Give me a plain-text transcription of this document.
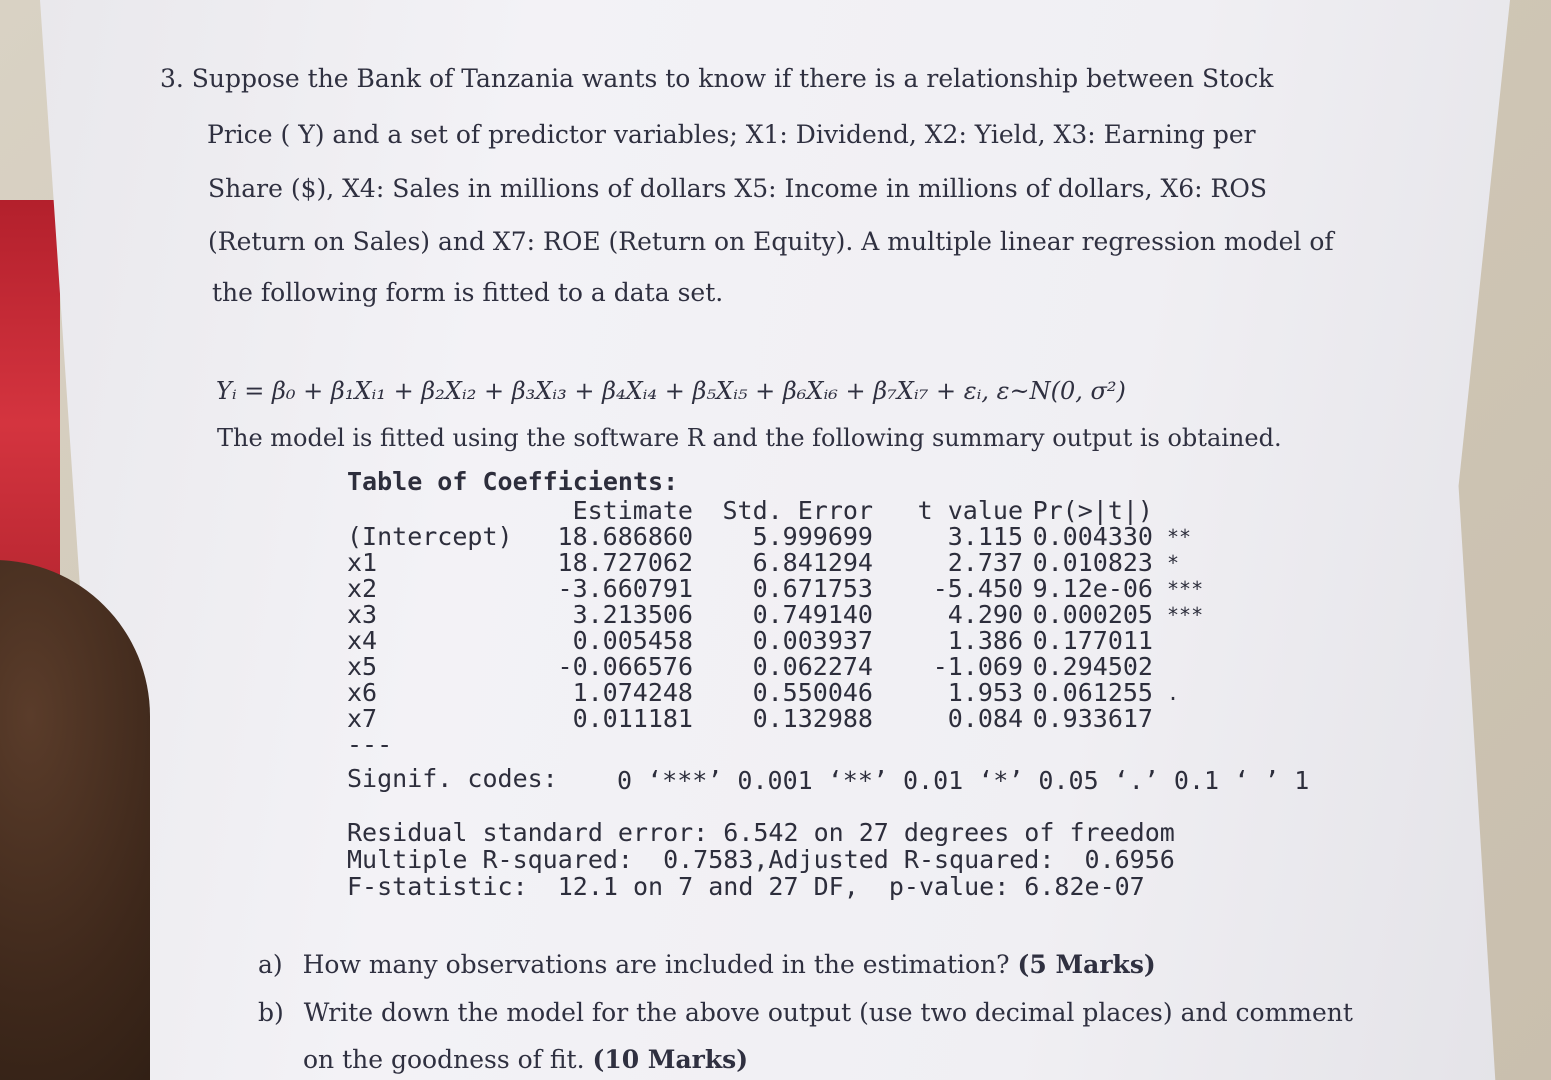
3. Suppose the Bank of Tanzania wants to know if there is a relationship between Stock
Price ( Y) and a set of predictor variables; X1: Dividend, X2: Yield, X3: Earning per
Share ($), X4: Sales in millions of dollars X5: Income in millions of dollars, X6: ROS
(Return on Sales) and X7: ROE (Return on Equity). A multiple linear regression model of
the following form is fitted to a data set.
Yᵢ = β₀ + β₁Xᵢ₁ + β₂Xᵢ₂ + β₃Xᵢ₃ + β₄Xᵢ₄ + β₅Xᵢ₅ + β₆Xᵢ₆ + β₇Xᵢ₇ + εᵢ, ε~N(0, σ²)
The model is fitted using the software R and the following summary output is obtained.
Table of Coefficients:
	Estimate	Std. Error	t value	Pr(>|t|)	
(Intercept)	18.686860	5.999699	3.115	0.004330	**
x1	18.727062	6.841294	2.737	0.010823	*
x2	-3.660791	0.671753	-5.450	9.12e-06	***
x3	3.213506	0.749140	4.290	0.000205	***
x4	0.005458	0.003937	1.386	0.177011	
x5	-0.066576	0.062274	-1.069	0.294502	
x6	1.074248	0.550046	1.953	0.061255	.
x7	0.011181	0.132988	0.084	0.933617	
---
Signif. codes: 0 ‘***’ 0.001 ‘**’ 0.01 ‘*’ 0.05 ‘.’ 0.1 ‘ ’ 1
Residual standard error: 6.542 on 27 degrees of freedom
Multiple R-squared:  0.7583,Adjusted R-squared:  0.6956
F-statistic:  12.1 on 7 and 27 DF,  p-value: 6.82e-07
a) How many observations are included in the estimation? (5 Marks)
b) Write down the model for the above output (use two decimal places) and comment
on the goodness of fit. (10 Marks)
